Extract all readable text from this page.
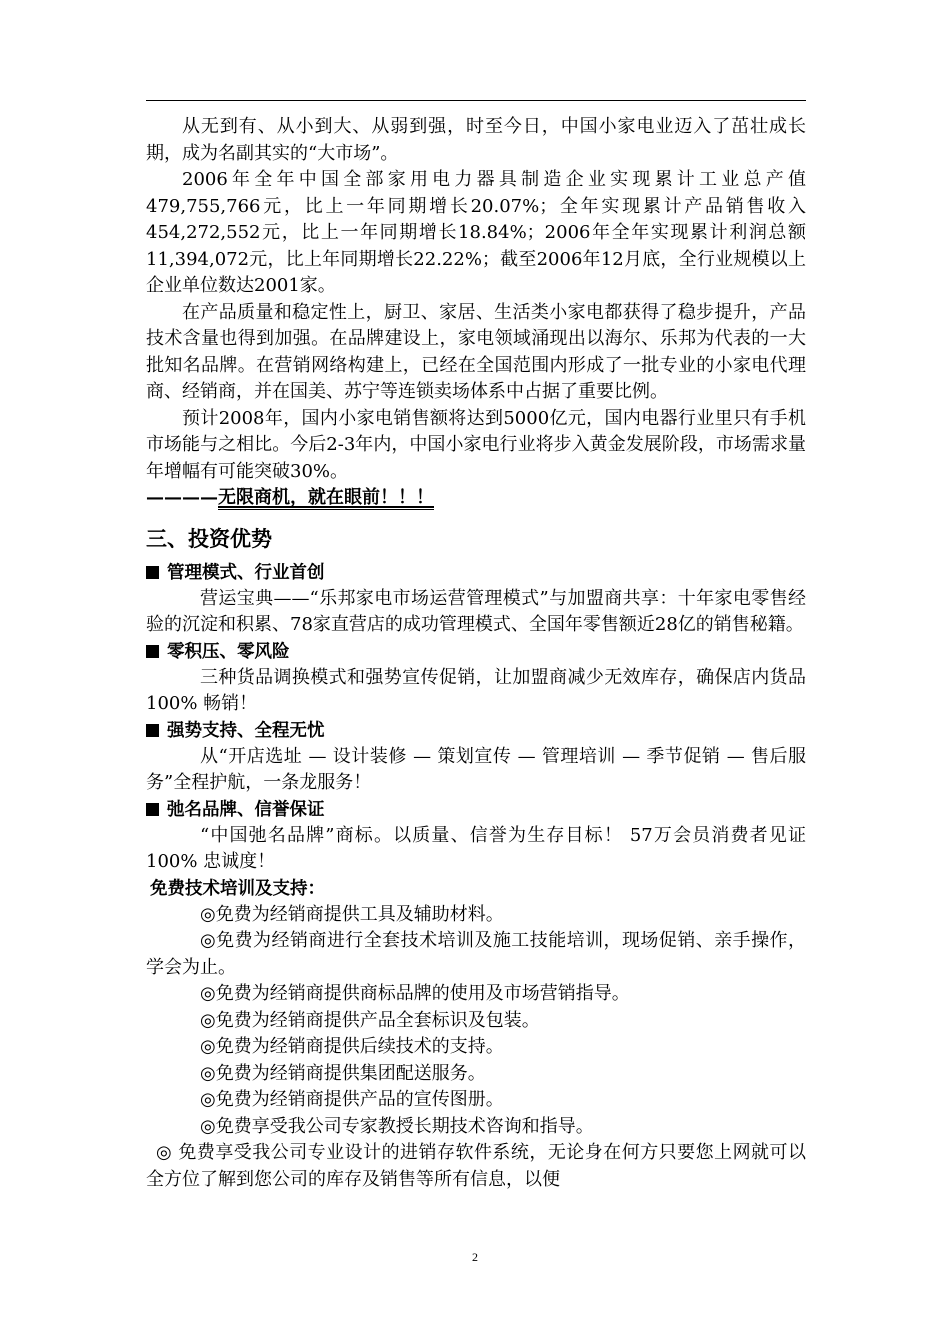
从无到有、从小到大、从弱到强，时至今日，中国小家电业迈入了茁壮成长期，成为名副其实的“大市场”。

2006年全年中国全部家用电力器具制造企业实现累计工业总产值479,755,766元，比上一年同期增长20.07%；全年实现累计产品销售收入454,272,552元，比上一年同期增长18.84%；2006年全年实现累计利润总额11,394,072元，比上年同期增长22.22%；截至2006年12月底，全行业规模以上企业单位数达2001家。

在产品质量和稳定性上，厨卫、家居、生活类小家电都获得了稳步提升，产品技术含量也得到加强。在品牌建设上，家电领域涌现出以海尔、乐邦为代表的一大批知名品牌。在营销网络构建上，已经在全国范围内形成了一批专业的小家电代理商、经销商，并在国美、苏宁等连锁卖场体系中占据了重要比例。

预计2008年，国内小家电销售额将达到5000亿元，国内电器行业里只有手机市场能与之相比。今后2-3年内，中国小家电行业将步入黄金发展阶段，市场需求量年增幅有可能突破30%。

————无限商机，就在眼前！！！

三、投资优势
管理模式、行业首创

营运宝典——“乐邦家电市场运营管理模式”与加盟商共享：十年家电零售经验的沉淀和积累、78家直营店的成功管理模式、全国年零售额近28亿的销售秘籍。

零积压、零风险

三种货品调换模式和强势宣传促销，让加盟商减少无效库存，确保店内货品100% 畅销！

强势支持、全程无忧

从“开店选址 — 设计装修 — 策划宣传 — 管理培训 — 季节促销 — 售后服务”全程护航，一条龙服务！

弛名品牌、信誉保证

“中国弛名品牌”商标。以质量、信誉为生存目标！ 57万会员消费者见证100% 忠诚度！

免费技术培训及支持：

◎免费为经销商提供工具及辅助材料。

◎免费为经销商进行全套技术培训及施工技能培训，现场促销、亲手操作，学会为止。

◎免费为经销商提供商标品牌的使用及市场营销指导。

◎免费为经销商提供产品全套标识及包装。

◎免费为经销商提供后续技术的支持。

◎免费为经销商提供集团配送服务。

◎免费为经销商提供产品的宣传图册。

◎免费享受我公司专家教授长期技术咨询和指导。

◎ 免费享受我公司专业设计的进销存软件系统，无论身在何方只要您上网就可以全方位了解到您公司的库存及销售等所有信息，以便

2
